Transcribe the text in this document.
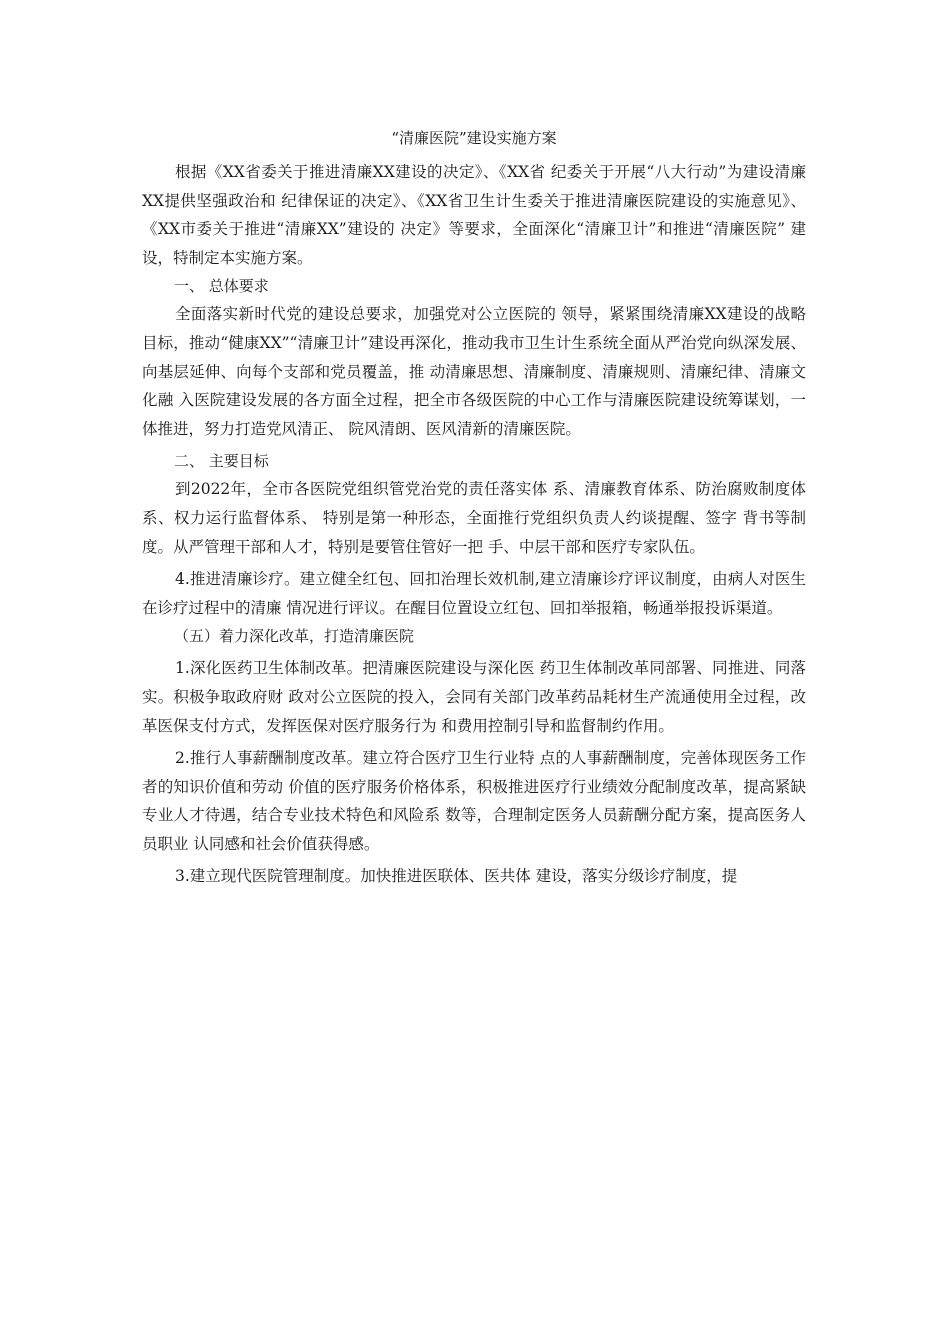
“清廉医院”建设实施方案

根据《XX省委关于推进清廉XX建设的决定》、《XX省 纪委关于开展“八大行动”为建设清廉XX提供坚强政治和 纪律保证的决定》、《XX省卫生计生委关于推进清廉医院建设的实施意见》、《XX市委关于推进“清廉XX”建设的 决定》等要求，全面深化“清廉卫计”和推进“清廉医院” 建设，特制定本实施方案。

一、 总体要求

全面落实新时代党的建设总要求，加强党对公立医院的 领导，紧紧围绕清廉XX建设的战略目标，推动“健康XX”“清廉卫计”建设再深化，推动我市卫生计生系统全面从严治党向纵深发展、向基层延伸、向每个支部和党员覆盖，推 动清廉思想、清廉制度、清廉规则、清廉纪律、清廉文化融 入医院建设发展的各方面全过程，把全市各级医院的中心工作与清廉医院建设统筹谋划，一体推进，努力打造党风清正、 院风清朗、医风清新的清廉医院。

二、 主要目标

到2022年，全市各医院党组织管党治党的责任落实体 系、清廉教育体系、防治腐败制度体系、权力运行监督体系、 特别是第一种形态，全面推行党组织负责人约谈提醒、签字 背书等制度。从严管理干部和人才，特别是要管住管好一把 手、中层干部和医疗专家队伍。

4.推进清廉诊疗。建立健全红包、回扣治理长效机制,建立清廉诊疗评议制度，由病人对医生在诊疗过程中的清廉 情况进行评议。在醒目位置设立红包、回扣举报箱，畅通举报投诉渠道。

（五）着力深化改革，打造清廉医院

1.深化医药卫生体制改革。把清廉医院建设与深化医 药卫生体制改革同部署、同推进、同落实。积极争取政府财 政对公立医院的投入，会同有关部门改革药品耗材生产流通使用全过程，改革医保支付方式，发挥医保对医疗服务行为 和费用控制引导和监督制约作用。

2.推行人事薪酬制度改革。建立符合医疗卫生行业特 点的人事薪酬制度，完善体现医务工作者的知识价值和劳动 价值的医疗服务价格体系，积极推进医疗行业绩效分配制度改革，提高紧缺专业人才待遇，结合专业技术特色和风险系 数等，合理制定医务人员薪酬分配方案，提高医务人员职业 认同感和社会价值获得感。

3.建立现代医院管理制度。加快推进医联体、医共体 建设，落实分级诊疗制度，提
